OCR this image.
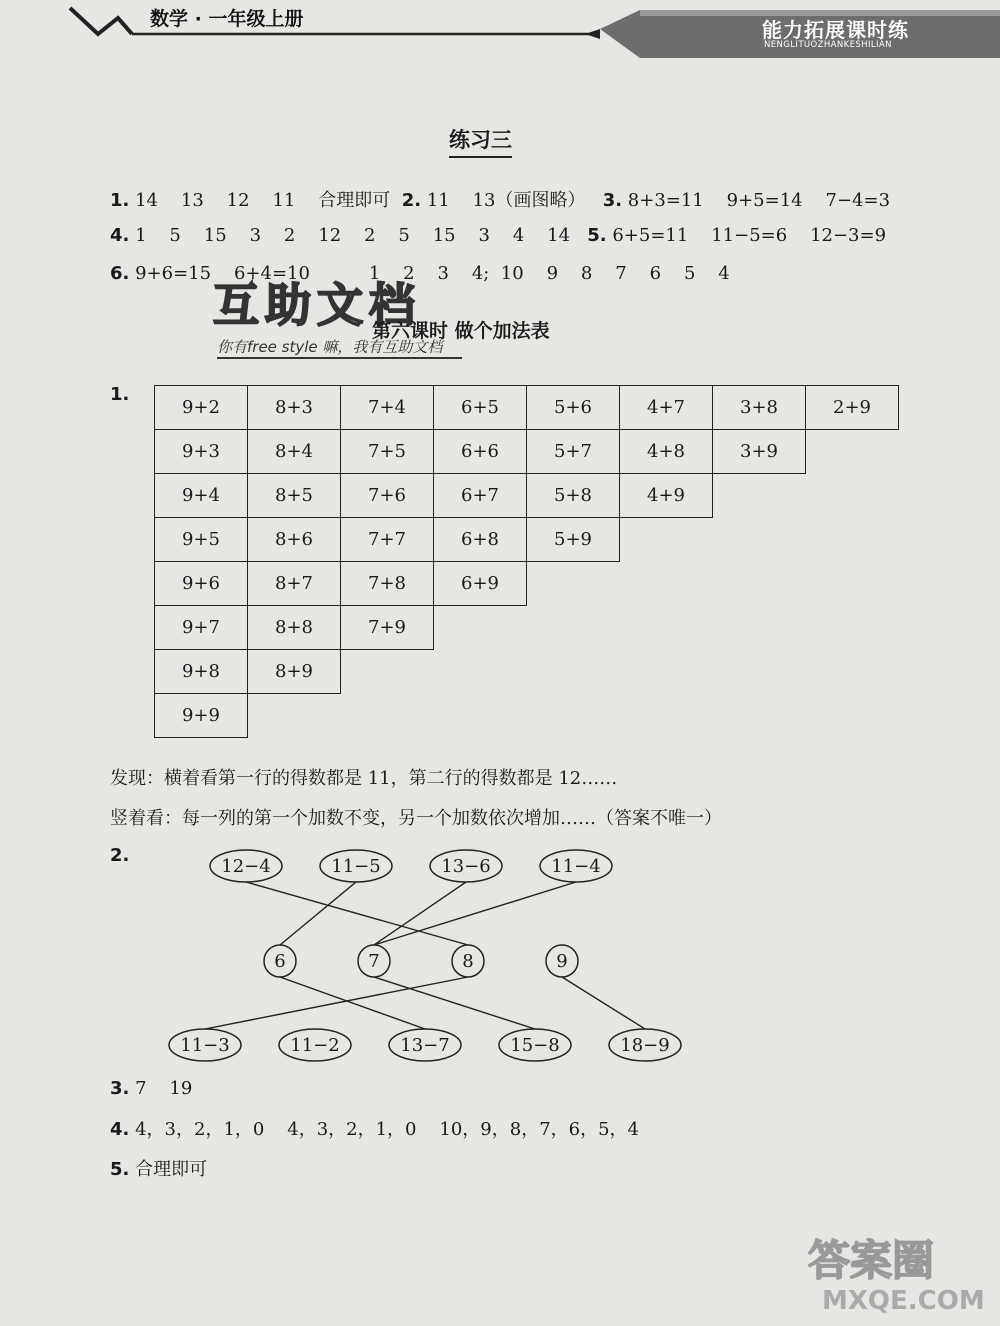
数学 · 一年级上册	能力拓展课时练
NENGLITUOZHANKESHILIAN
练习三
1. 14    13    12    11    合理即可  2. 11    13（画图略）   3. 8+3=11    9+5=14    7−4=3
4. 1    5    15    3    2    12    2    5    15    3    4    14   5. 6+5=11    11−5=6    12−3=9
6. 9+6=15    6+4=10    1    2    3    4;  10    9    8    7    6    5    4
互助文档
第六课时 做个加法表
你有free style 嘛，我有互助文档
1.
9+2	8+3	7+4	6+5	5+6	4+7	3+8	2+9
9+3	8+4	7+5	6+6	5+7	4+8	3+9	
9+4	8+5	7+6	6+7	5+8	4+9		
9+5	8+6	7+7	6+8	5+9			
9+6	8+7	7+8	6+9				
9+7	8+8	7+9					
9+8	8+9						
9+9							
发现：横着看第一行的得数都是 11，第二行的得数都是 12……
竖着看：每一列的第一个加数不变，另一个加数依次增加……（答案不唯一）
2.
12−4	11−5	13−6	11−4
6	7	8	9
11−3	11−2	13−7	15−8	18−9
3. 7    19
4. 4，3，2，1，0    4，3，2，1，0    10，9，8，7，6，5，4
5. 合理即可
答案圈
MXQE.COM
